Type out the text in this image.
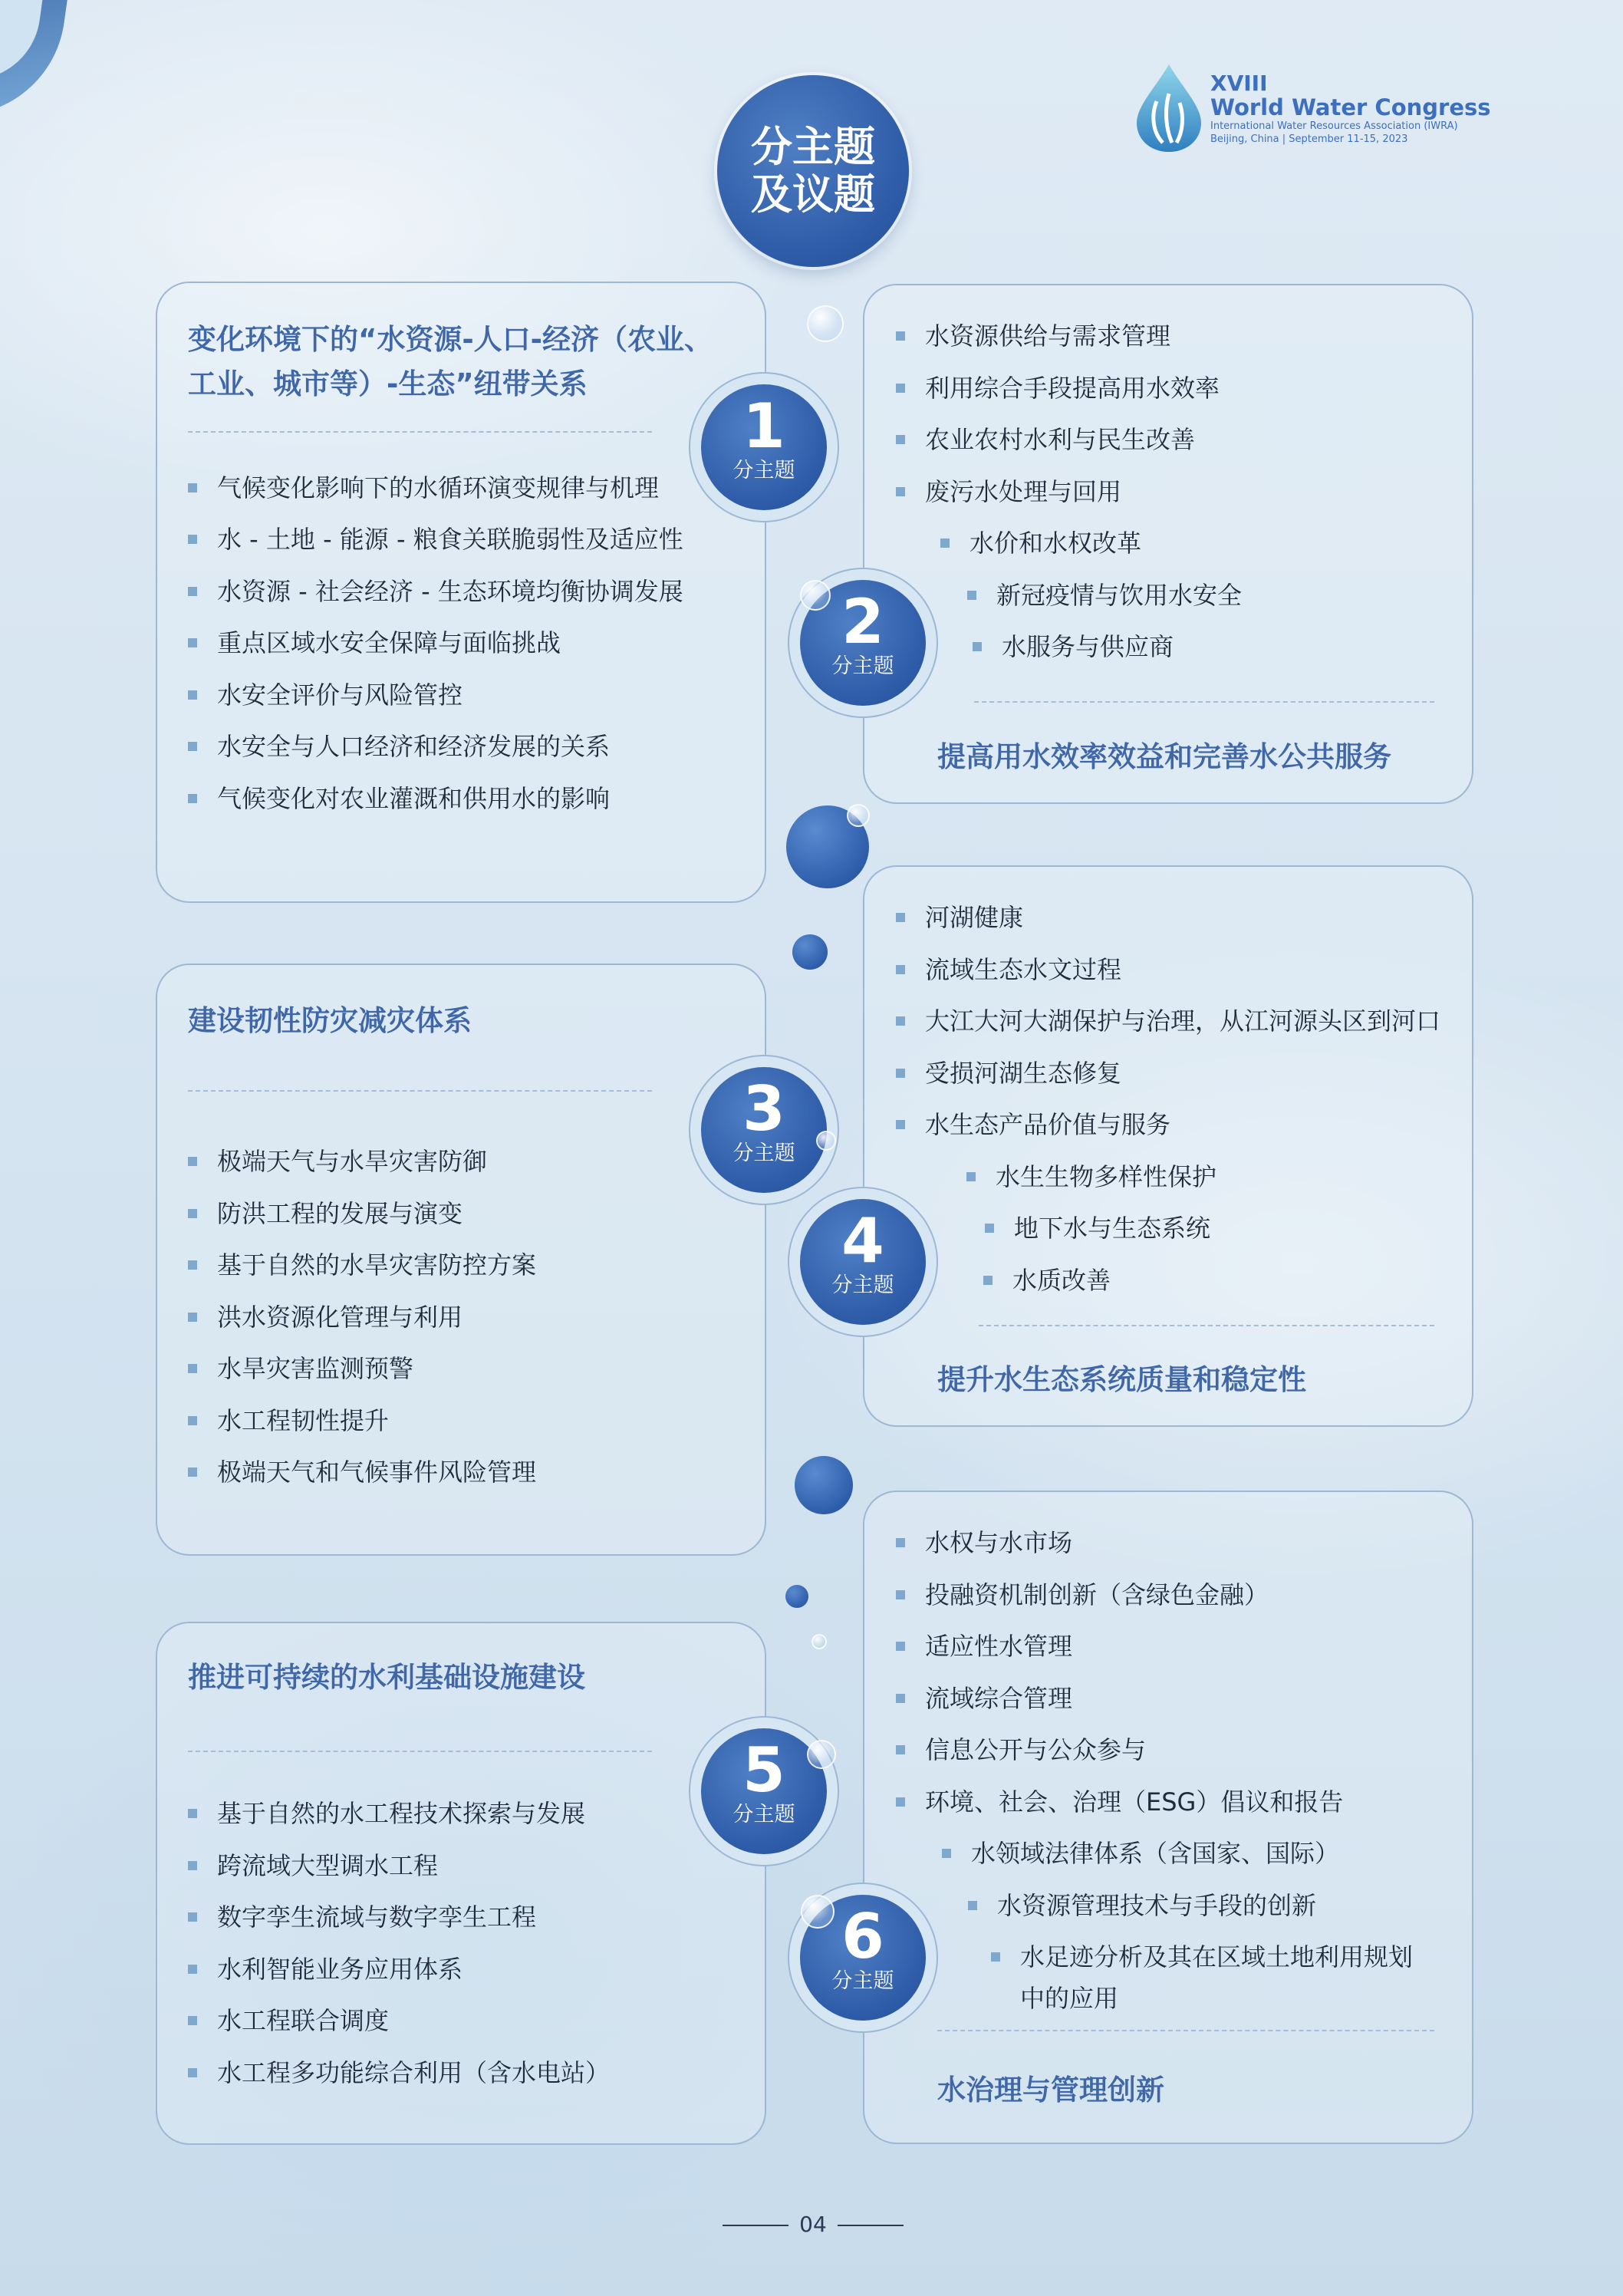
XVIII
World Water Congress
International Water Resources Association (IWRA)
Beijing, China | September 11-15, 2023
分主题
及议题
变化环境下的“水资源-人口-经济（农业、
工业、城市等）-生态”纽带关系
气候变化影响下的水循环演变规律与机理
水 - 土地 - 能源 - 粮食关联脆弱性及适应性
水资源 - 社会经济 - 生态环境均衡协调发展
重点区域水安全保障与面临挑战
水安全评价与风险管控
水安全与人口经济和经济发展的关系
气候变化对农业灌溉和供用水的影响
1
分主题
水资源供给与需求管理
利用综合手段提高用水效率
农业农村水利与民生改善
废污水处理与回用
水价和水权改革
新冠疫情与饮用水安全
水服务与供应商
提高用水效率效益和完善水公共服务
2
分主题
建设韧性防灾减灾体系
极端天气与水旱灾害防御
防洪工程的发展与演变
基于自然的水旱灾害防控方案
洪水资源化管理与利用
水旱灾害监测预警
水工程韧性提升
极端天气和气候事件风险管理
3
分主题
河湖健康
流域生态水文过程
大江大河大湖保护与治理，从江河源头区到河口
受损河湖生态修复
水生态产品价值与服务
水生生物多样性保护
地下水与生态系统
水质改善
提升水生态系统质量和稳定性
4
分主题
推进可持续的水利基础设施建设
基于自然的水工程技术探索与发展
跨流域大型调水工程
数字孪生流域与数字孪生工程
水利智能业务应用体系
水工程联合调度
水工程多功能综合利用（含水电站）
5
分主题
水权与水市场
投融资机制创新（含绿色金融）
适应性水管理
流域综合管理
信息公开与公众参与
环境、社会、治理（ESG）倡议和报告
水领域法律体系（含国家、国际）
水资源管理技术与手段的创新
水足迹分析及其在区域土地利用规划
中的应用
水治理与管理创新
6
分主题
04
